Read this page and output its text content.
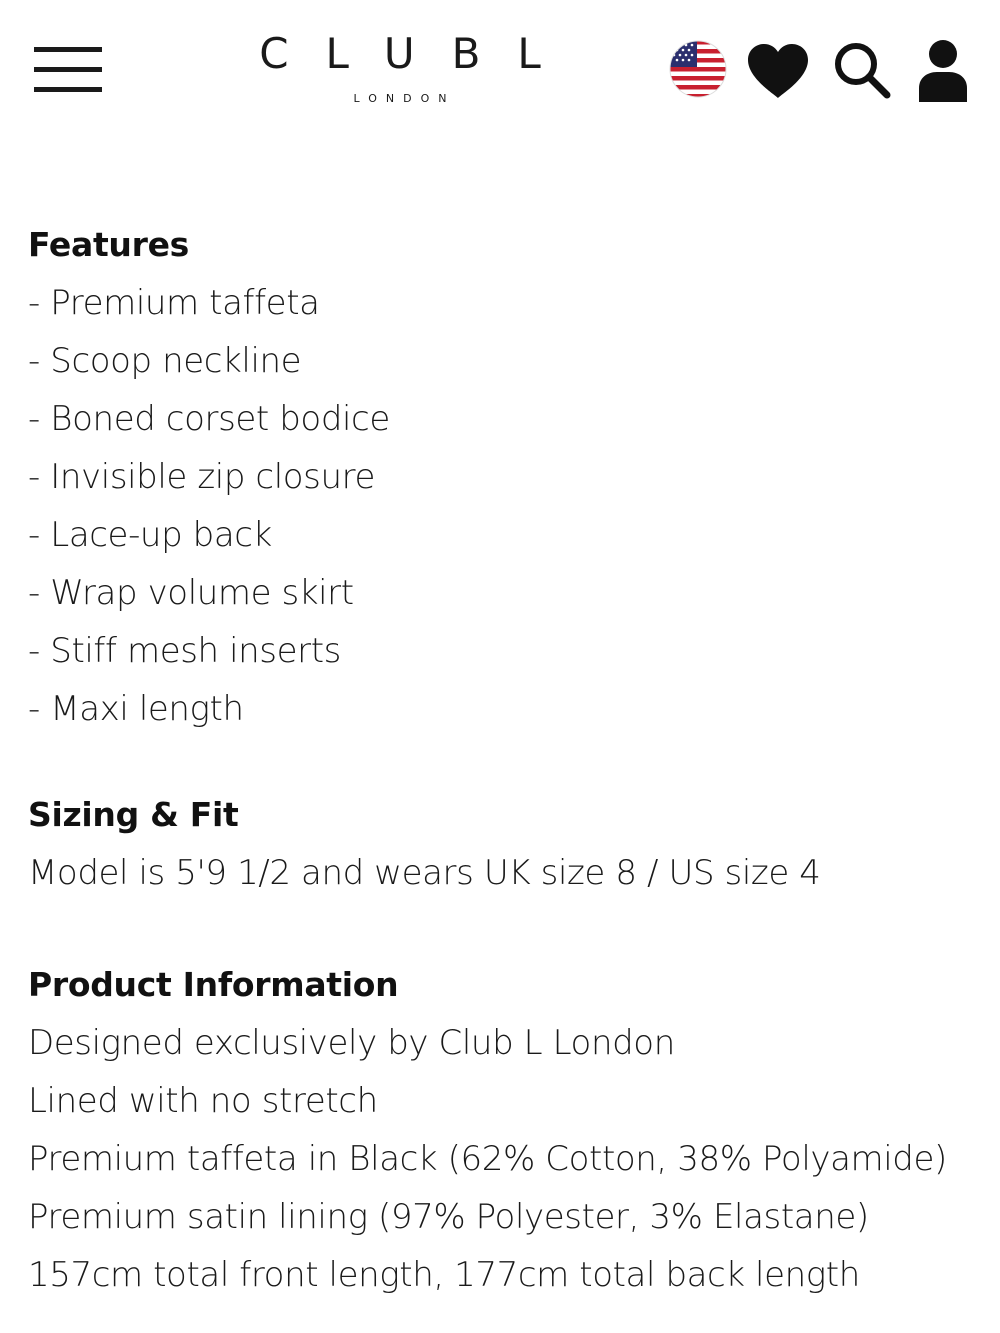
CLUBL
LONDON
Features

- Premium taffeta

- Scoop neckline

- Boned corset bodice

- Invisible zip closure

- Lace-up back

- Wrap volume skirt

- Stiff mesh inserts

- Maxi length

Sizing & Fit

Model is 5'9 1/2 and wears UK size 8 / US size 4

Product Information

Designed exclusively by Club L London

Lined with no stretch

Premium taffeta in Black (62% Cotton, 38% Polyamide)

Premium satin lining (97% Polyester, 3% Elastane)

157cm total front length, 177cm total back length
